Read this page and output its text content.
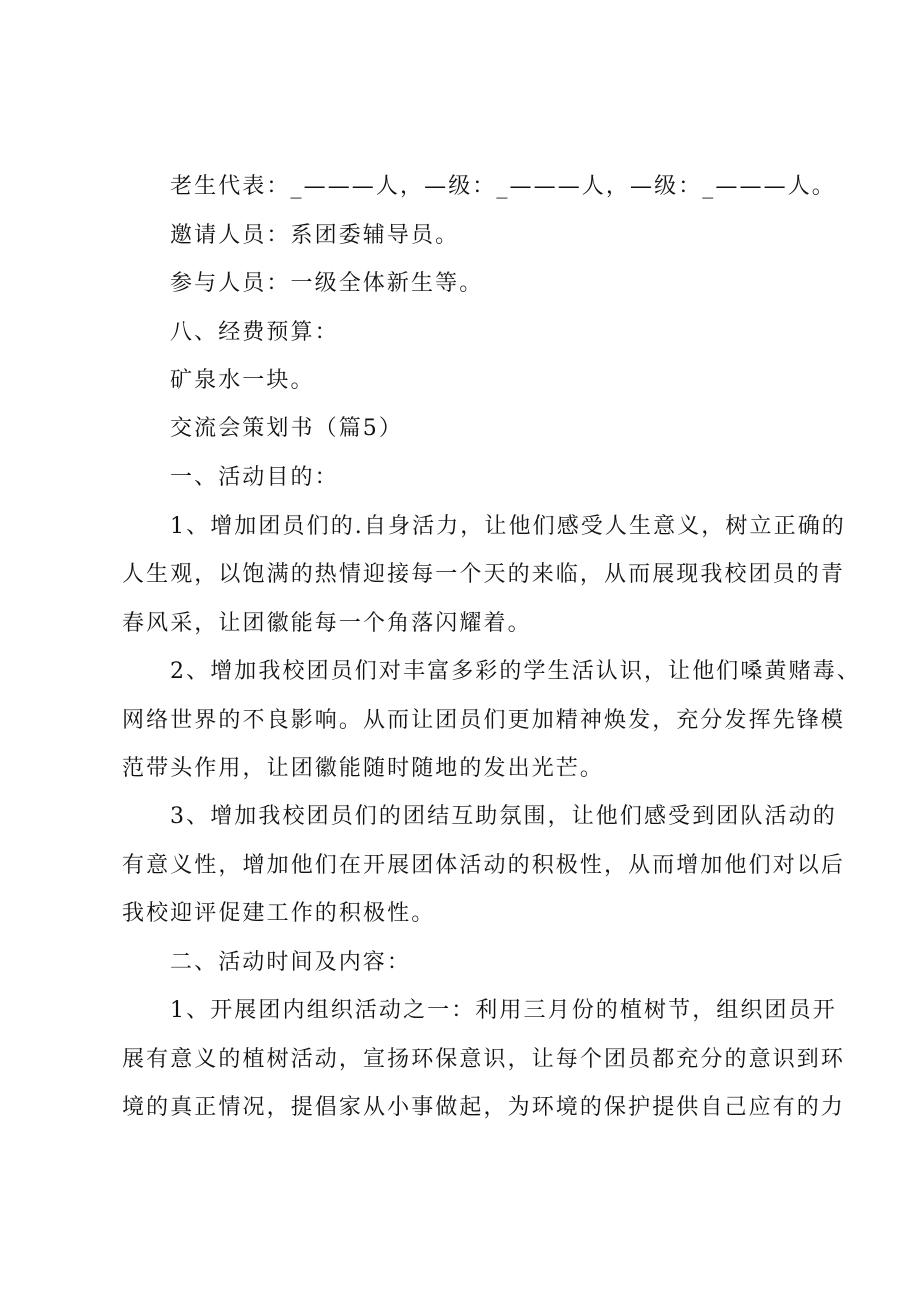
老生代表：_———人，—级：_———人，—级：_———人。
邀请人员：系团委辅导员。
参与人员：一级全体新生等。
八、经费预算：
矿泉水一块。
交流会策划书（篇5）
一、活动目的：
1、增加团员们的.自身活力，让他们感受人生意义，树立正确的
人生观，以饱满的热情迎接每一个天的来临，从而展现我校团员的青
春风采，让团徽能每一个角落闪耀着。
2、增加我校团员们对丰富多彩的学生活认识，让他们嗓黄赌毒、
网络世界的不良影响。从而让团员们更加精神焕发，充分发挥先锋模
范带头作用，让团徽能随时随地的发出光芒。
3、增加我校团员们的团结互助氛围，让他们感受到团队活动的
有意义性，增加他们在开展团体活动的积极性，从而增加他们对以后
我校迎评促建工作的积极性。
二、活动时间及内容：
1、开展团内组织活动之一：利用三月份的植树节，组织团员开
展有意义的植树活动，宣扬环保意识，让每个团员都充分的意识到环
境的真正情况，提倡家从小事做起，为环境的保护提供自己应有的力
